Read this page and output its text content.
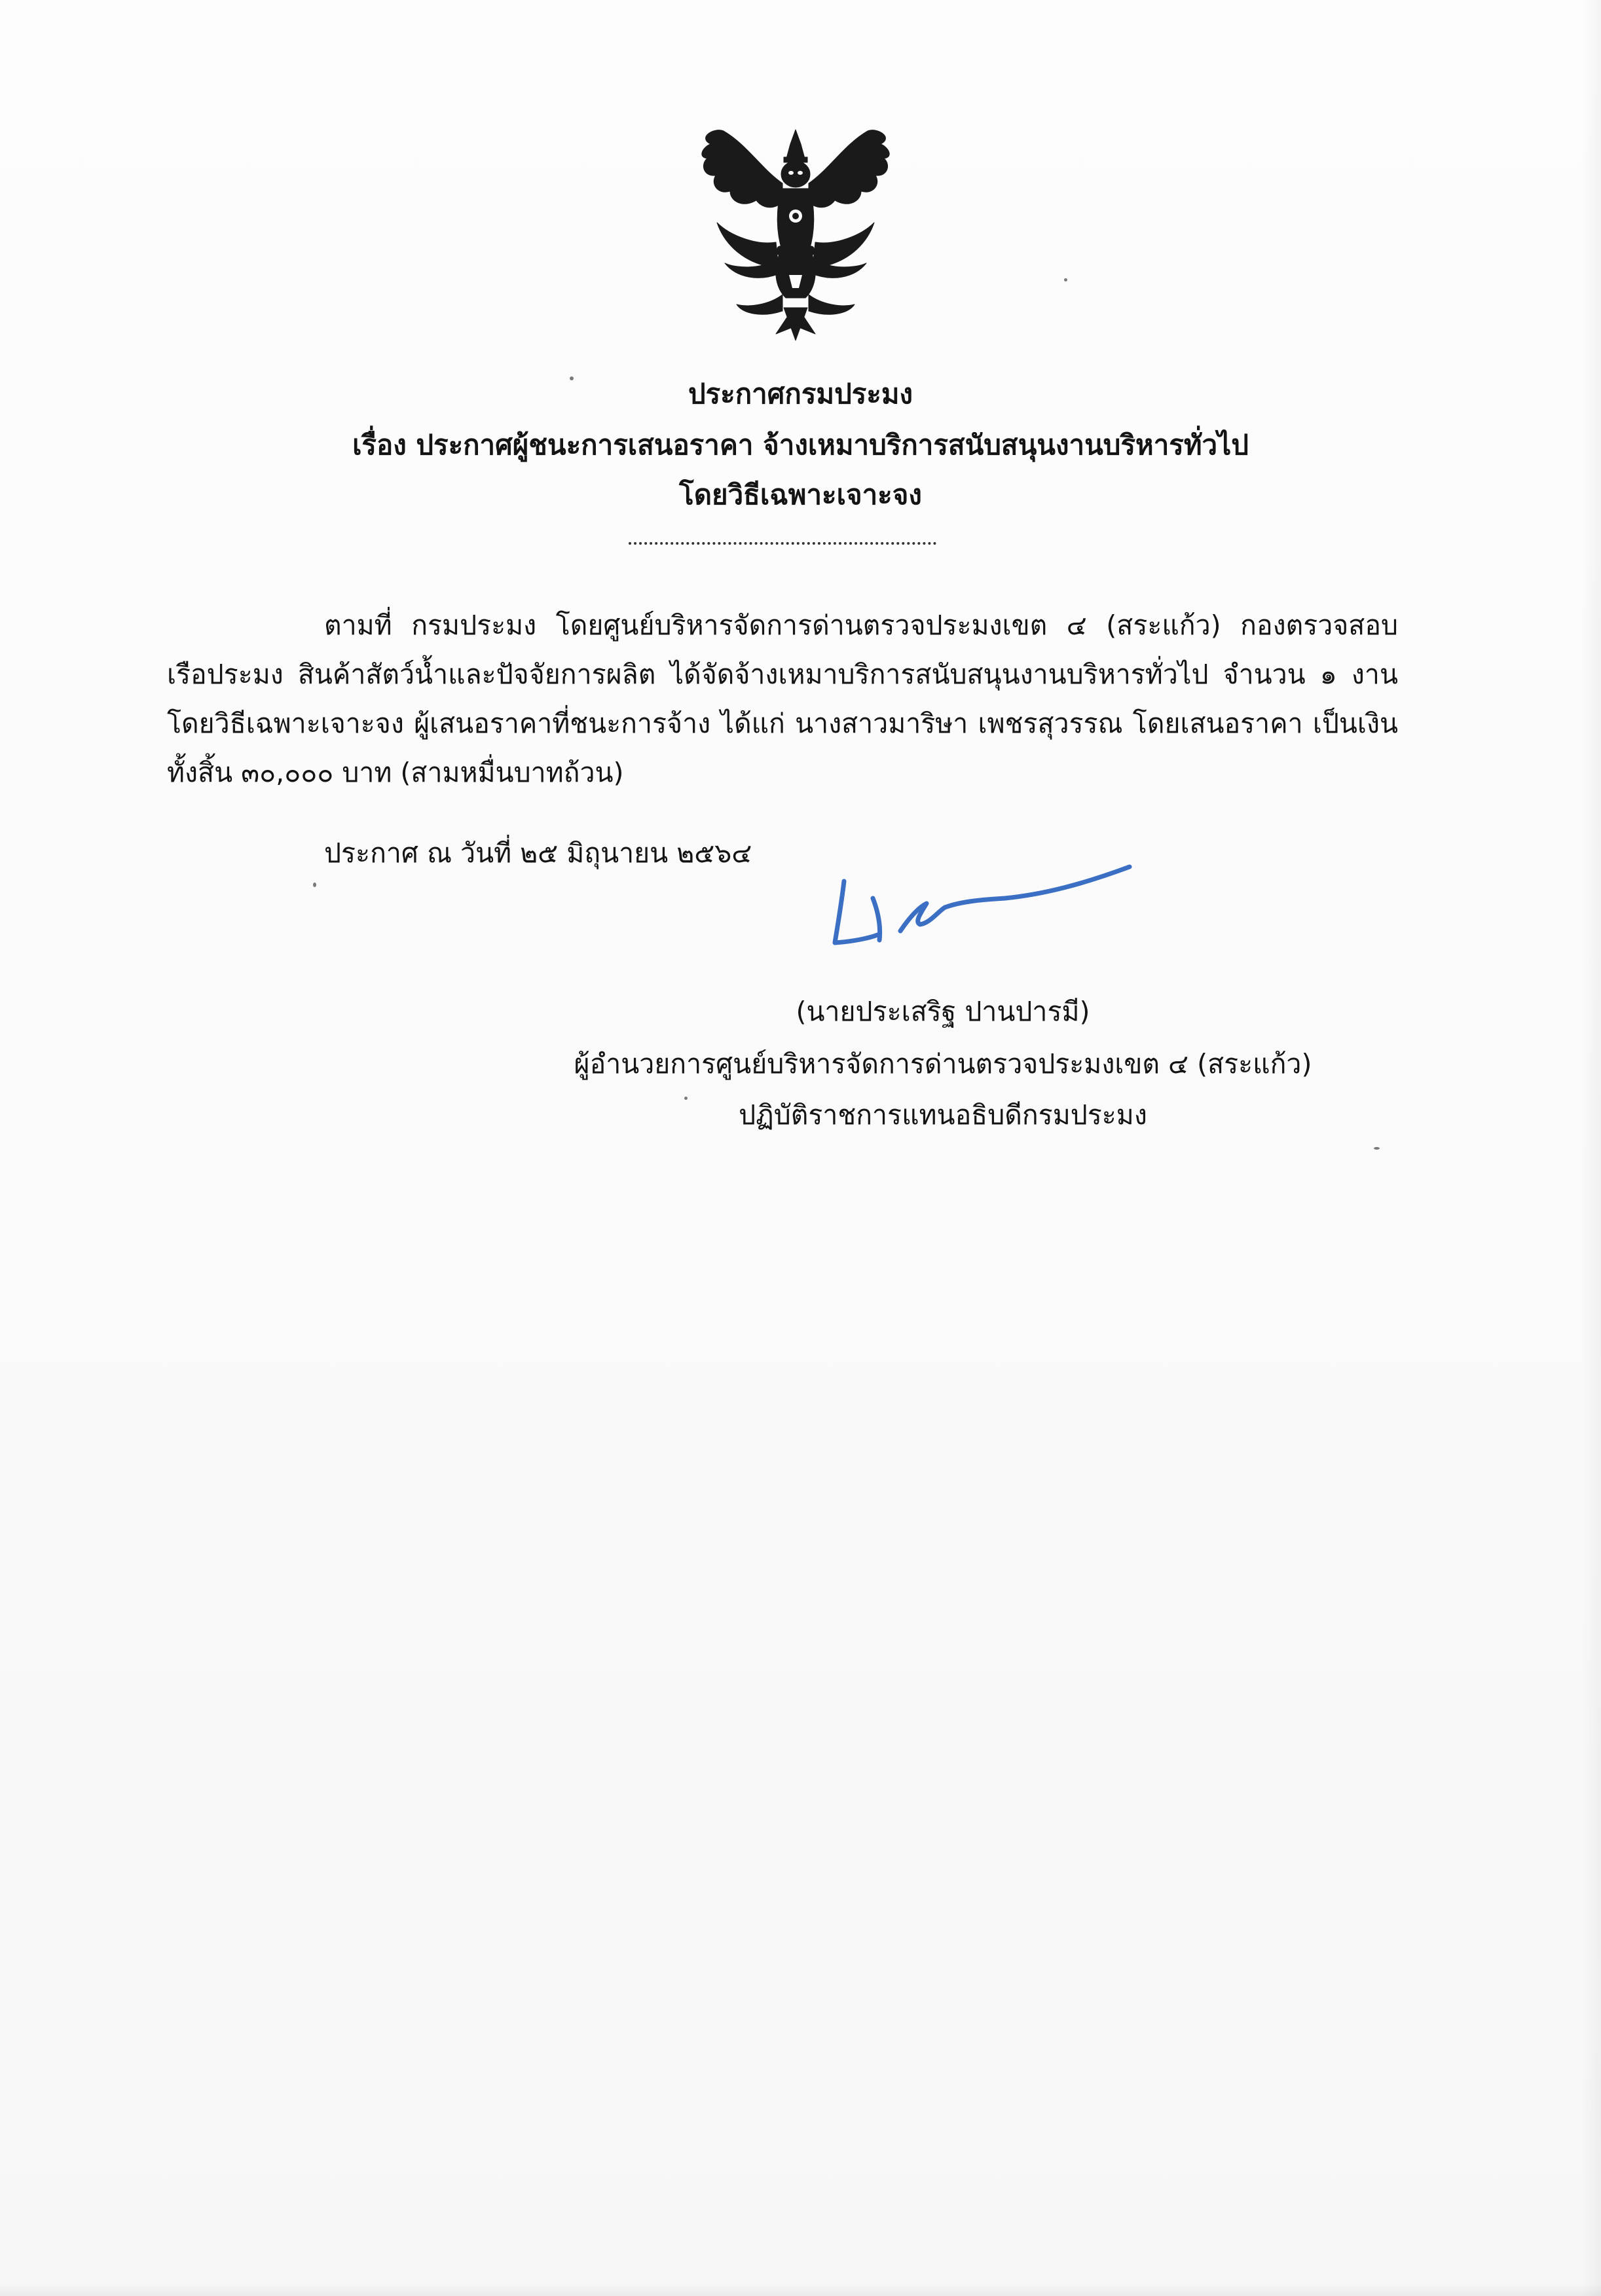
ประกาศกรมประมง
เรื่อง ประกาศผู้ชนะการเสนอราคา จ้างเหมาบริการสนับสนุนงานบริหารทั่วไป
โดยวิธีเฉพาะเจาะจง
ตามที่ กรมประมง โดยศูนย์บริหารจัดการด่านตรวจประมงเขต ๔ (สระแก้ว) กองตรวจสอบ
เรือประมง สินค้าสัตว์น้ำและปัจจัยการผลิต ได้จัดจ้างเหมาบริการสนับสนุนงานบริหารทั่วไป จำนวน ๑ งาน
โดยวิธีเฉพาะเจาะจง ผู้เสนอราคาที่ชนะการจ้าง ได้แก่ นางสาวมาริษา เพชรสุวรรณ โดยเสนอราคา เป็นเงิน
ทั้งสิ้น ๓๐,๐๐๐ บาท (สามหมื่นบาทถ้วน)
ประกาศ ณ วันที่ ๒๕ มิถุนายน ๒๕๖๔
(นายประเสริฐ ปานปารมี)
ผู้อำนวยการศูนย์บริหารจัดการด่านตรวจประมงเขต ๔ (สระแก้ว)
ปฏิบัติราชการแทนอธิบดีกรมประมง
